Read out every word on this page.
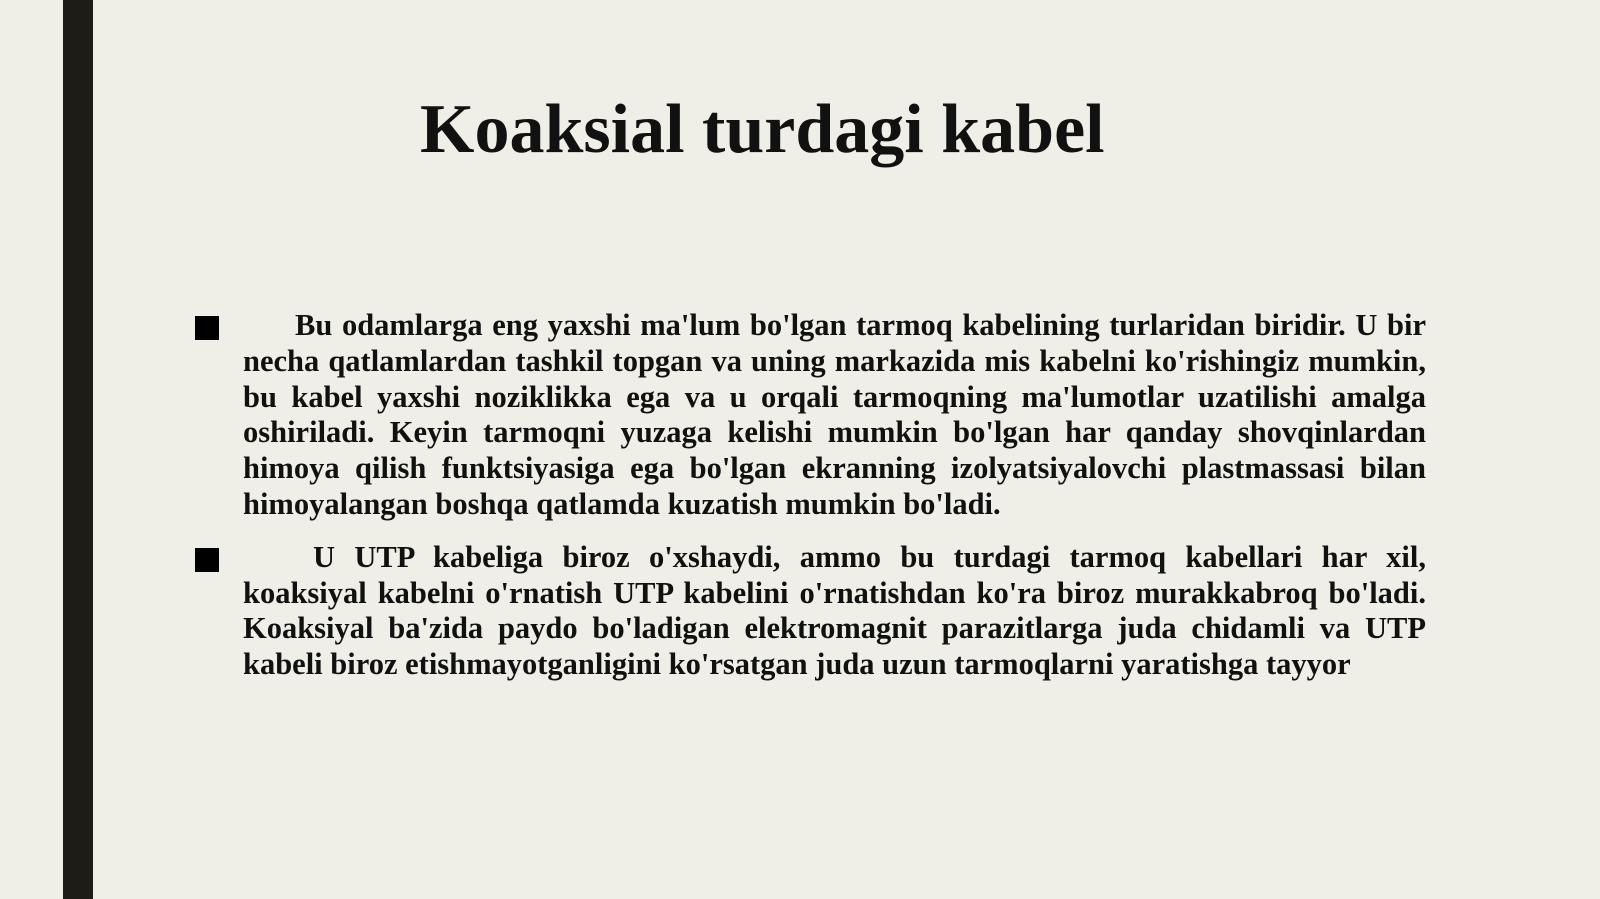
Koaksial turdagi kabel

Bu odamlarga eng yaxshi ma'lum bo'lgan tarmoq kabelining turlaridan biridir. U bir necha qatlamlardan tashkil topgan va uning markazida mis kabelni ko'rishingiz mumkin, bu kabel yaxshi noziklikka ega va u orqali tarmoqning ma'lumotlar uzatilishi amalga oshiriladi. Keyin tarmoqni yuzaga kelishi mumkin bo'lgan har qanday shovqinlardan himoya qilish funktsiyasiga ega bo'lgan ekranning izolyatsiyalovchi plastmassasi bilan himoyalangan boshqa qatlamda kuzatish mumkin bo'ladi.

U UTP kabeliga biroz o'xshaydi, ammo bu turdagi tarmoq kabellari har xil, koaksiyal kabelni o'rnatish UTP kabelini o'rnatishdan ko'ra biroz murakkabroq bo'ladi. Koaksiyal ba'zida paydo bo'ladigan elektromagnit parazitlarga juda chidamli va UTP kabeli biroz etishmayotganligini ko'rsatgan juda uzun tarmoqlarni yaratishga tayyor
